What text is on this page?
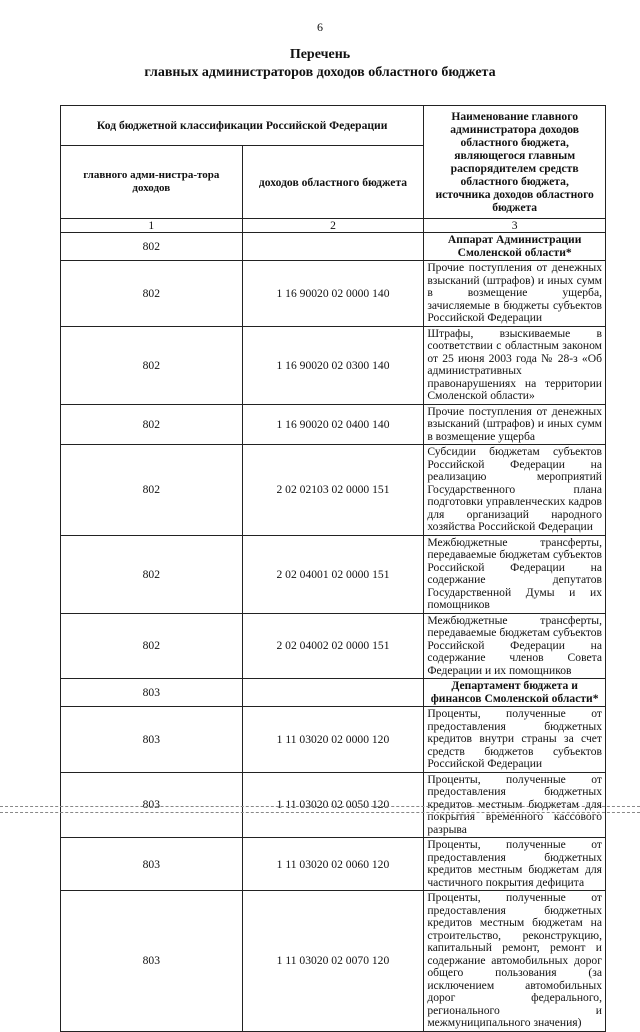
6
Перечень
главных администраторов доходов областного бюджета
Код бюджетной классификации Российской Федерации		Наименование главного администратора доходов областного бюджета, являющегося главным распорядителем средств областного бюджета, источника доходов областного бюджета
главного адми-нистра-тора доходов	доходов областного бюджета	
1	2	3
802		Аппарат Администрации Смоленской области*
802	1 16 90020 02 0000 140	Прочие поступления от денежных взысканий (штрафов) и иных сумм в возмещение ущерба, зачисляемые в бюджеты субъектов Российской Федерации
802	1 16 90020 02 0300 140	Штрафы, взыскиваемые в соответствии с областным законом от 25 июня 2003 года № 28-з «Об административных правонарушениях на территории Смоленской области»
802	1 16 90020 02 0400 140	Прочие поступления от денежных взысканий (штрафов) и иных сумм в возмещение ущерба
802	2 02 02103 02 0000 151	Субсидии бюджетам субъектов Российской Федерации на реализацию мероприятий Государственного плана подготовки управленческих кадров для организаций народного хозяйства Российской Федерации
802	2 02 04001 02 0000 151	Межбюджетные трансферты, передаваемые бюджетам субъектов Российской Федерации на содержание депутатов Государственной Думы и их помощников
802	2 02 04002 02 0000 151	Межбюджетные трансферты, передаваемые бюджетам субъектов Российской Федерации на содержание членов Совета Федерации и их помощников
803		Департамент бюджета и финансов Смоленской области*
803	1 11 03020 02 0000 120	Проценты, полученные от предоставления бюджетных кредитов внутри страны за счет средств бюджетов субъектов Российской Федерации
803	1 11 03020 02 0050 120	Проценты, полученные от предоставления бюджетных кредитов местным бюджетам для покрытия временного кассового разрыва
803	1 11 03020 02 0060 120	Проценты, полученные от предоставления бюджетных кредитов местным бюджетам для частичного покрытия дефицита
803	1 11 03020 02 0070 120	Проценты, полученные от предоставления бюджетных кредитов местным бюджетам на строительство, реконструкцию, капитальный ремонт, ремонт и содержание автомобильных дорог общего пользования (за исключением автомобильных дорог федерального, регионального и межмуниципального значения)
